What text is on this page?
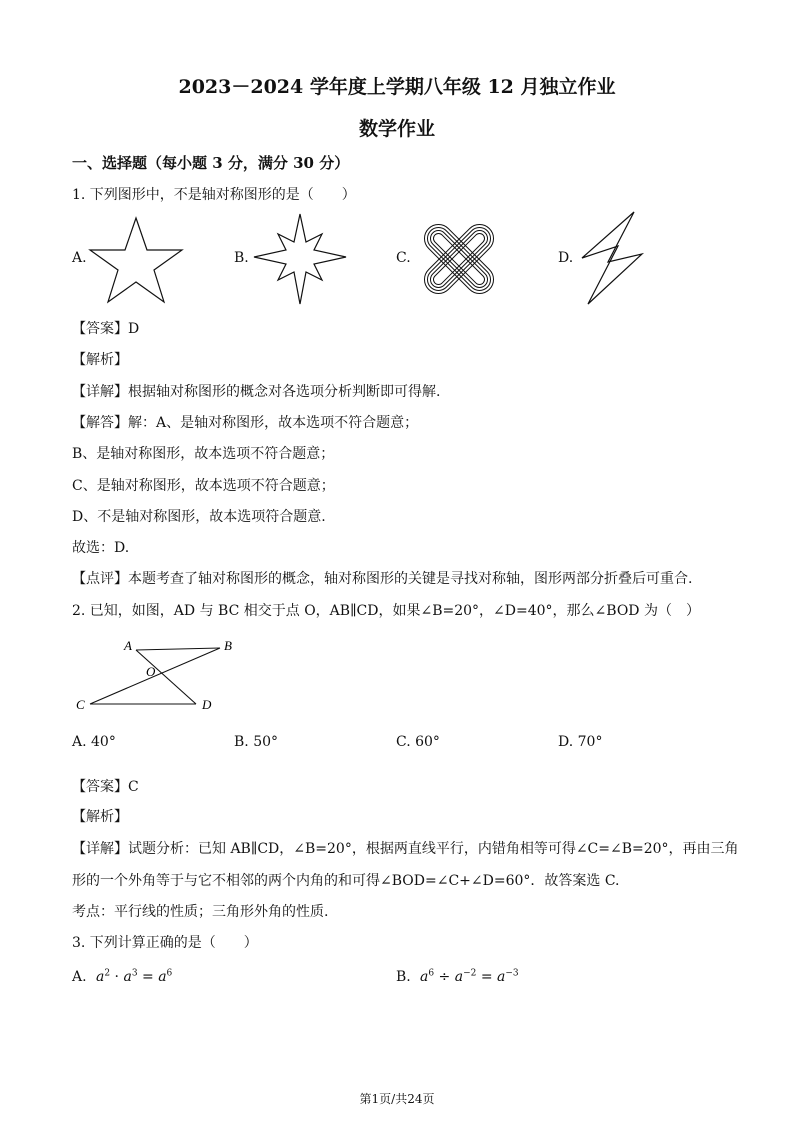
2023－2024 学年度上学期八年级 12 月独立作业
数学作业
一、选择题（每小题 3 分，满分 30 分）
1. 下列图形中，不是轴对称图形的是（　　）
A.	B.	C.	D.
【答案】D
【解析】
【详解】根据轴对称图形的概念对各选项分析判断即可得解.
【解答】解：A、是轴对称图形，故本选项不符合题意；
B、是轴对称图形，故本选项不符合题意；
C、是轴对称图形，故本选项不符合题意；
D、不是轴对称图形，故本选项符合题意.
故选：D.
【点评】本题考查了轴对称图形的概念，轴对称图形的关键是寻找对称轴，图形两部分折叠后可重合.
2. 已知，如图，AD 与 BC 相交于点 O，AB∥CD，如果∠B=20°，∠D=40°，那么∠BOD 为（　）
A	B
O
C	D
A. 40°	B. 50°	C. 60°	D. 70°
【答案】C
【解析】
【详解】试题分析：已知 AB∥CD，∠B=20°，根据两直线平行，内错角相等可得∠C=∠B=20°，再由三角
形的一个外角等于与它不相邻的两个内角的和可得∠BOD=∠C+∠D=60°．故答案选 C.
考点：平行线的性质；三角形外角的性质.
3. 下列计算正确的是（　　）
A. $a^2 \cdot a^3 = a^6$	B. $a^6 \div a^{-2} = a^{-3}$
第1页/共24页
